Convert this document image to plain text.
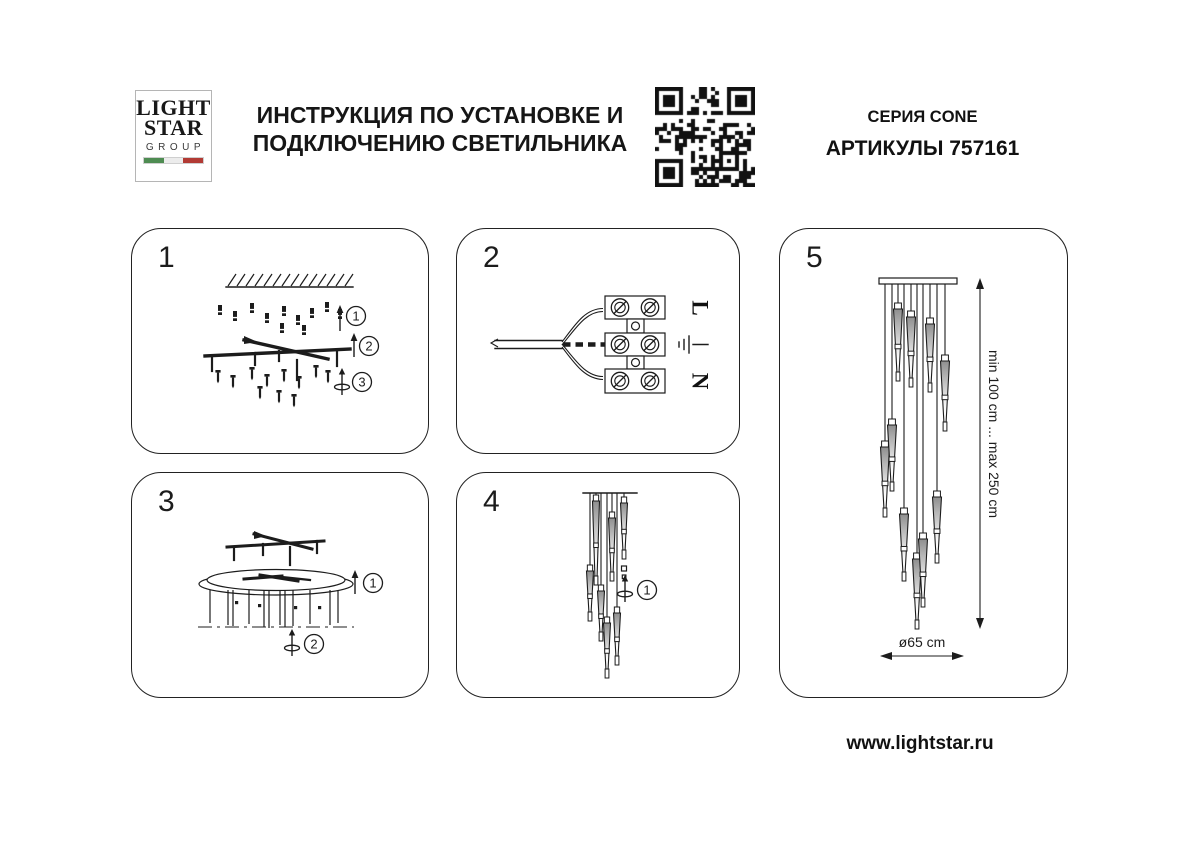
LIGHT
STAR
GROUP
ИНСТРУКЦИЯ ПО УСТАНОВКЕ И
ПОДКЛЮЧЕНИЮ СВЕТИЛЬНИКА
СЕРИЯ CONE
АРТИКУЛЫ 757161
1
1
2
3
2
L
N
3
1
2
4
1
5
min 100 cm ... max 250 cm
ø65 cm
www.lightstar.ru
